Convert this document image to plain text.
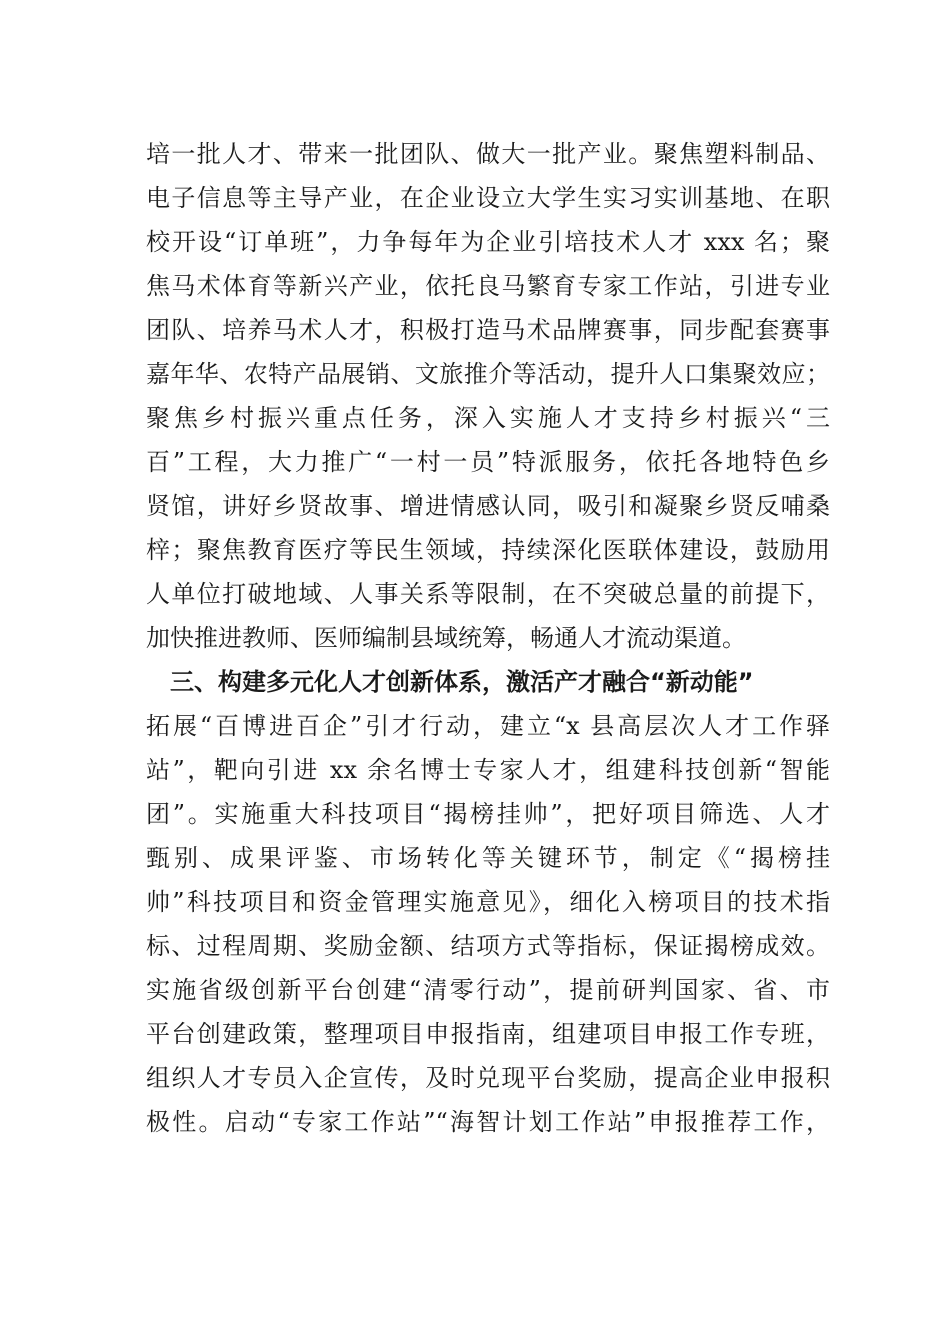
培一批人才、带来一批团队、做大一批产业。聚焦塑料制品、
电子信息等主导产业，在企业设立大学生实习实训基地、在职
校开设“订单班”，力争每年为企业引培技术人才 xxx 名；聚
焦马术体育等新兴产业，依托良马繁育专家工作站，引进专业
团队、培养马术人才，积极打造马术品牌赛事，同步配套赛事
嘉年华、农特产品展销、文旅推介等活动，提升人口集聚效应；
聚焦乡村振兴重点任务，深入实施人才支持乡村振兴“三
百”工程，大力推广“一村一员”特派服务，依托各地特色乡
贤馆，讲好乡贤故事、增进情感认同，吸引和凝聚乡贤反哺桑
梓；聚焦教育医疗等民生领域，持续深化医联体建设，鼓励用
人单位打破地域、人事关系等限制，在不突破总量的前提下，
加快推进教师、医师编制县域统筹，畅通人才流动渠道。
三、构建多元化人才创新体系，激活产才融合“新动能”
拓展“百博进百企”引才行动，建立“x 县高层次人才工作驿
站”，靶向引进 xx 余名博士专家人才，组建科技创新“智能
团”。实施重大科技项目“揭榜挂帅”，把好项目筛选、人才
甄别、成果评鉴、市场转化等关键环节，制定《“揭榜挂
帅”科技项目和资金管理实施意见》，细化入榜项目的技术指
标、过程周期、奖励金额、结项方式等指标，保证揭榜成效。
实施省级创新平台创建“清零行动”，提前研判国家、省、市
平台创建政策，整理项目申报指南，组建项目申报工作专班，
组织人才专员入企宣传，及时兑现平台奖励，提高企业申报积
极性。启动“专家工作站”“海智计划工作站”申报推荐工作，
